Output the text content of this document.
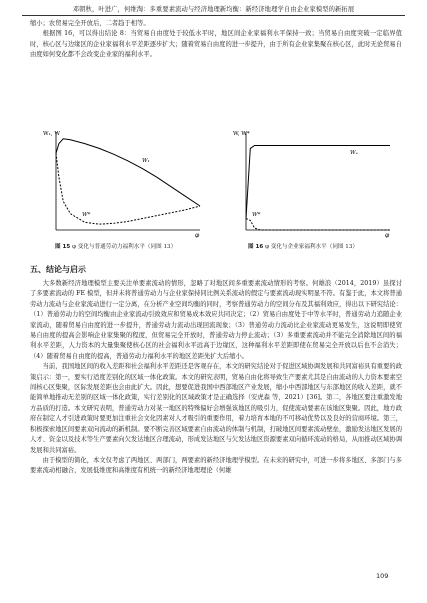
邓朝秋，叶进广，何维淘：多重要素流动与经济地理新均衡：新经济地理学自由企业家模型的新拓展

缩小；农贸易完全开放后，二者趋于相等。

根据图 16，可以得出结论 8：当贸易自由度处于较低水平时，地区间企业家福利水平保持一致；当贸易自由度突破一定临界值时，核心区与边缘区的企业家福利水平差距逐步扩大；随着贸易自由度的进一步提升，由于所有企业家集聚在核心区，此时无论贸易自由度如何变化都不会改变企业家的福利水平。

W₁, W
φ
W₁
W*
图 15 φ 变化与普通劳动力福利水平（同图 13）
W, W*
φ
Wₑ
W*
图 16 φ 变化与企业家福利水平（同图 13）
五、结论与启示

大多数新经济地理模型主要关注单要素流动的情形，忽略了对地区间多重要素流动情形的考察。何雄浪（2014，2019）虽探讨了多要素流动的 FE 模型，但并未将普通劳动力与企业家保持同比例关系流动的假定与要素流动现实明显不符。有鉴于此，本文将普通劳动力流动与企业家流动进行一定分离，在分析产业空间均衡的同时，考察普通劳动力的空间分布及其福利效应，得出以下研究结论：（1）普通劳动力的空间均衡由企业家流动引致效应和贸易成本效应共同决定；（2）贸易自由度处于中等水平时，普通劳动力追随企业家流动，随着贸易自由度的进一步提升，普通劳动力流动出现回流现象；（3）普通劳动力流动比企业家流动更易发生，这说明即使贸易自由度的提高会影响企业家集聚的程度，但贸易完全开放时，普通劳动力停止流动；（3）多重要素流动并不能完全消除地区间的福利水平差距，人力资本的大量集聚使核心区的社会福利水平远高于边缘区，这种福利水平差距即使在贸易完全开放以后也不会消失；（4）随着贸易自由度的提高，普通劳动力福利水平的地区差距先扩大后缩小。

当前，我国地区间的收入差距和社会福利水平差距还是客观存在，本文的研究结论对于促进区域协调发展和共同富裕具有重要的政策启示：第一，要实行适度差别化的区域一体化政策。本文的研究表明，贸易自由化将导致生产要素尤其是自由流动的人力资本要素空间核心区集聚，区际发展差距也会由此扩大。因此，想要促进我国中西部地区产业发展，缩小中西部地区与东部地区的收入差距，就不能简单地推动无差别的区域一体化政策，实行差别化的区域政策才是正确选择（安虎森 等，2021）[36]。第二，各地区要注重激发地方品质的打造。本文研究表明，普通劳动力对某一地区的特殊偏好会增强该地区的吸引力，促使流动要素在该地区集聚。因此，地方政府在制定人才引进政策时要更加注重社会文化因素对人才吸引的重要作用，着力培育本地的不可移动优势以及良好的营商环境。第三，积极探索地区间要素双向流动的新机制。要不断完善区域要素自由流动的体制与机制，打破地区间要素流动壁垒，激励发达地区发展的人才、资金以及技术等生产要素向欠发达地区合理流动，形成发达地区与欠发达地区资源要素双向循环流动的格局，从而推动区域协调发展和共同富裕。

由于模型的简化，本文仅考虑了两地区、两部门，两要素的新经济地理学模型。在未来的研究中，可进一步将多地区、多部门与多要素流动相融合，发展低维度和高维度有机统一的新经济地理理论（何雄

109
